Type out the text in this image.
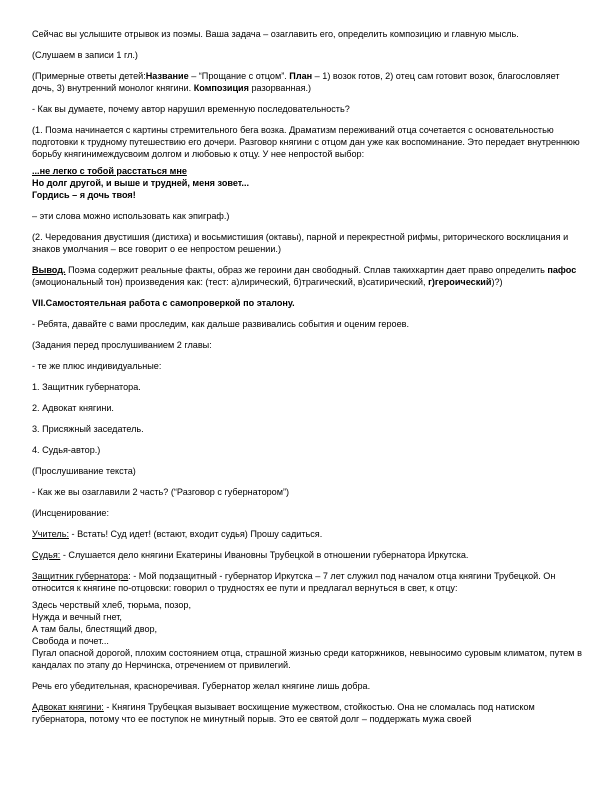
Сейчас вы услышите отрывок из поэмы. Ваша задача – озаглавить его, определить композицию и главную мысль.

(Слушаем в записи 1 гл.)

(Примерные ответы детей:Название – “Прощание с отцом”. План – 1) возок готов, 2) отец сам готовит возок, благословляет дочь, 3) внутренний монолог княгини. Композиция разорванная.)

- Как вы думаете, почему автор нарушил временную последовательность?

(1. Поэма начинается с картины стремительного бега возка. Драматизм переживаний отца сочетается с основательностью подготовки к трудному путешествию его дочери. Разговор княгини с отцом дан уже как воспоминание. Это передает внутреннюю борьбу княгинимеждусвоим долгом и любовью к отцу. У нее непростой выбор:

...не легко с тобой расстаться мне
Но долг другой, и выше и трудней, меня зовет...
Гордись – я дочь твоя!

– эти слова можно использовать как эпиграф.)

(2. Чередования двустишия (дистиха) и восьмистишия (октавы), парной и перекрестной рифмы, риторического восклицания и знаков умолчания – все говорит о ее непростом решении.)

Вывод. Поэма содержит реальные факты, образ же героини дан свободный. Сплав такихкартин дает право определить пафос (эмоциональный тон) произведения как: (тест: а)лирический, б)трагический, в)сатирический, г)героический)?)

VII.Самостоятельная работа с самопроверкой по эталону.

- Ребята, давайте с вами проследим, как дальше развивались события и оценим героев.

(Задания перед прослушиванием 2 главы:

- те же плюс индивидуальные:

1. Защитник губернатора.

2. Адвокат княгини.

3. Присяжный заседатель.

4. Судья-автор.)

(Прослушивание текста)

- Как же вы озаглавили 2 часть? (“Разговор с губернатором”)

(Инсценирование:

Учитель: - Встать! Суд идет! (встают, входит судья) Прошу садиться.

Судья: - Слушается дело княгини Екатерины Ивановны Трубецкой в отношении губернатора Иркутска.

Защитник губернатора: - Мой подзащитный - губернатор Иркутска – 7 лет служил под началом отца княгини Трубецкой. Он относится к княгине по-отцовски: говорил о трудностях ее пути и предлагал вернуться в свет, к отцу:

Здесь черствый хлеб, тюрьма, позор,
Нужда и вечный гнет,
А там балы, блестящий двор,
Свобода и почет...
Пугал опасной дорогой, плохим состоянием отца, страшной жизнью среди каторжников, невыносимо суровым климатом, путем в кандалах по этапу до Нерчинска, отречением от привилегий.

Речь его убедительная, красноречивая. Губернатор желал княгине лишь добра.

Адвокат княгини: - Княгиня Трубецкая вызывает восхищение мужеством, стойкостью. Она не сломалась под натиском губернатора, потому что ее поступок не минутный порыв. Это ее святой долг – поддержать мужа своей
